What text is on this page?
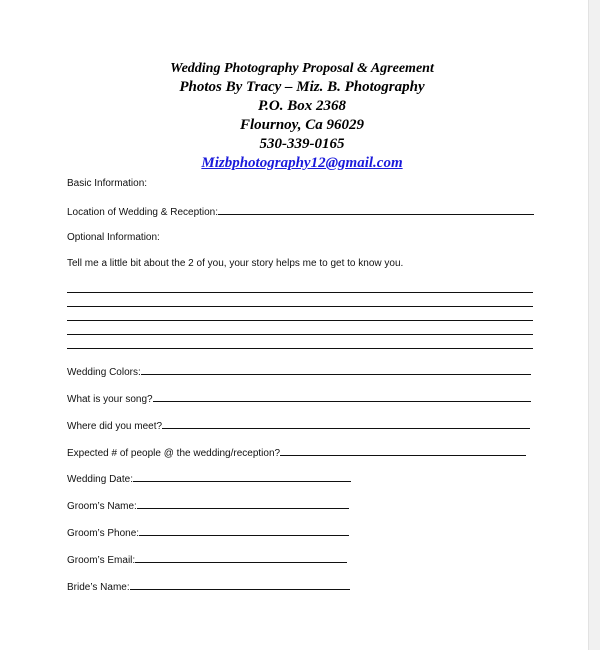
Wedding Photography Proposal & Agreement
Photos By Tracy – Miz. B. Photography
P.O. Box 2368
Flournoy, Ca 96029
530-339-0165
Mizbphotography12@gmail.com
Basic Information:
Location of Wedding & Reception:
Optional Information:
Tell me a little bit about the 2 of you, your story helps me to get to know you.
Wedding Colors:
What is your song?
Where did you meet?
Expected # of people @ the wedding/reception?
Wedding Date:
Groom’s Name:
Groom’s Phone:
Groom’s Email:
Bride’s Name:
